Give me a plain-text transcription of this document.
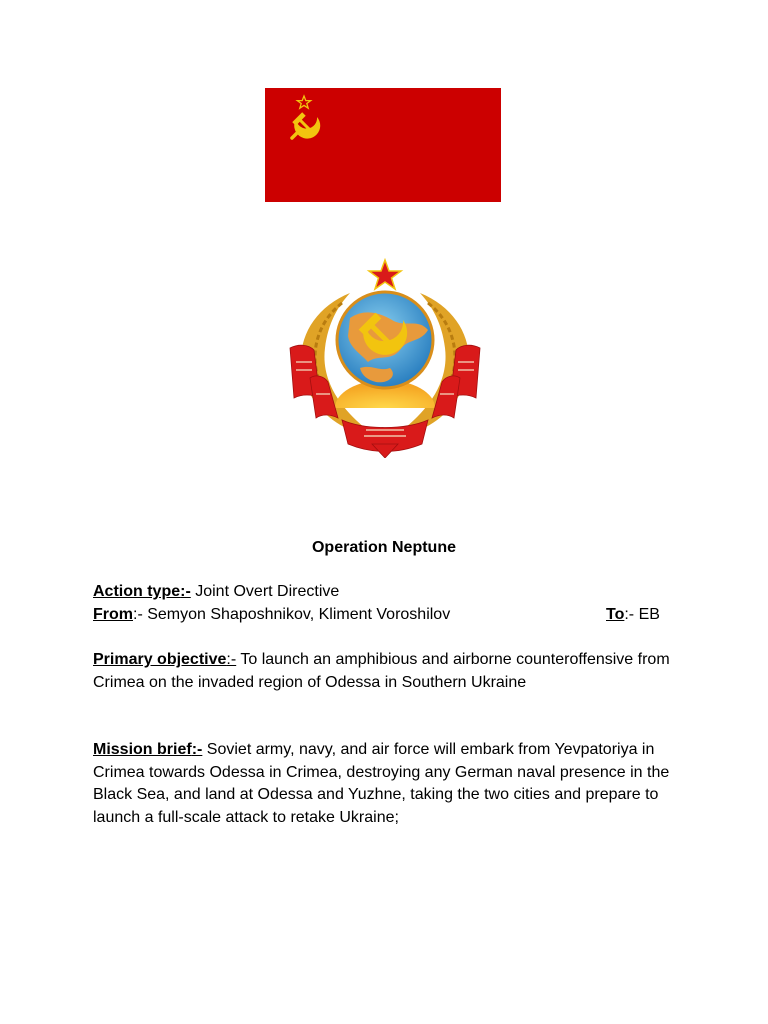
Operation Neptune
Action type:- Joint Overt Directive
From:- Semyon Shaposhnikov, Kliment Voroshilov	To:- EB
Primary objective:- To launch an amphibious and airborne counteroffensive from Crimea on the invaded region of Odessa in Southern Ukraine
Mission brief:- Soviet army, navy, and air force will embark from Yevpatoriya in Crimea towards Odessa in Crimea, destroying any German naval presence in the Black Sea, and land at Odessa and Yuzhne, taking the two cities and prepare to launch a full-scale attack to retake Ukraine;
